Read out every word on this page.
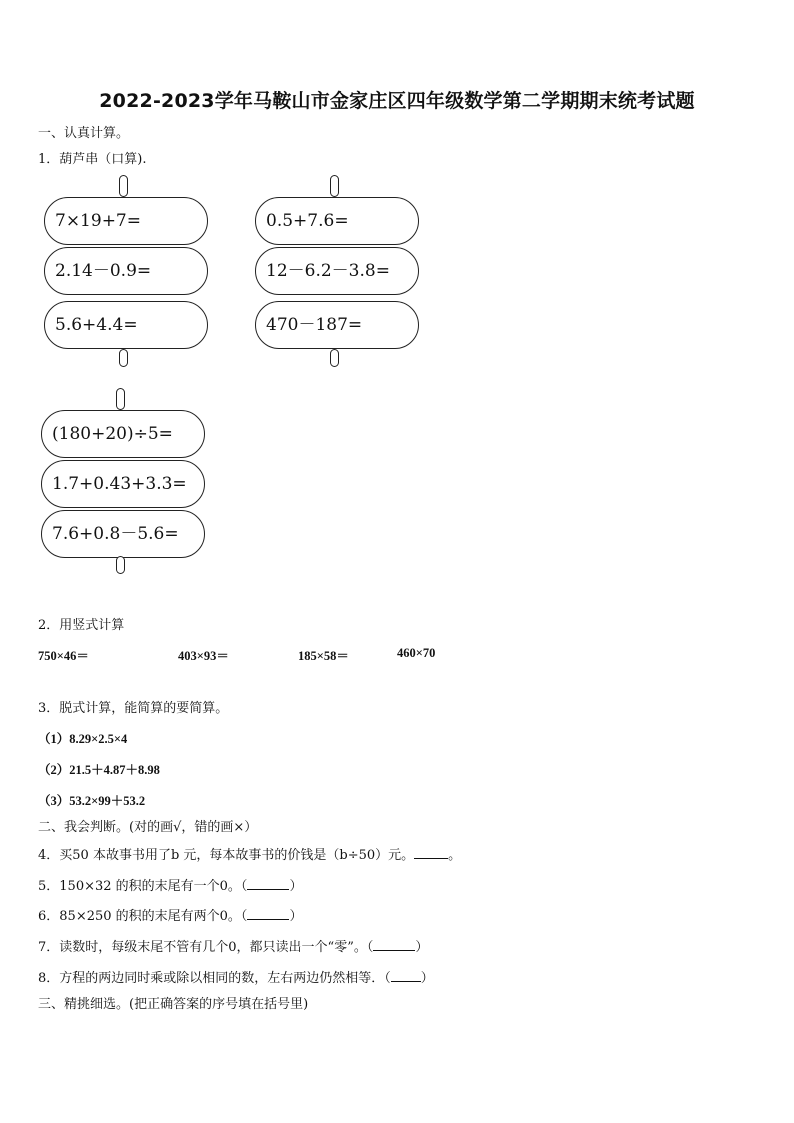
2022-2023学年马鞍山市金家庄区四年级数学第二学期期末统考试题
一、认真计算。
1．葫芦串（口算).
7×19+7=
2.14－0.9=
5.6+4.4=
0.5+7.6=
12－6.2－3.8=
470－187=
(180+20)÷5=
1.7+0.43+3.3=
7.6+0.8－5.6=
2．用竖式计算
750×46＝	403×93＝	185×58＝	460×70
3．脱式计算，能简算的要简算。
（1）8.29×2.5×4
（2）21.5＋4.87＋8.98
（3）53.2×99＋53.2
二、我会判断。(对的画√，错的画×）
4．买50 本故事书用了b 元，每本故事书的价钱是（b÷50）元。	。
5．150×32 的积的末尾有一个0。（	）
6．85×250 的积的末尾有两个0。（	）
7．读数时，每级末尾不管有几个0，都只读出一个“零”。（	）
8．方程的两边同时乘或除以相同的数，左右两边仍然相等．（ ）
三、精挑细选。(把正确答案的序号填在括号里)
